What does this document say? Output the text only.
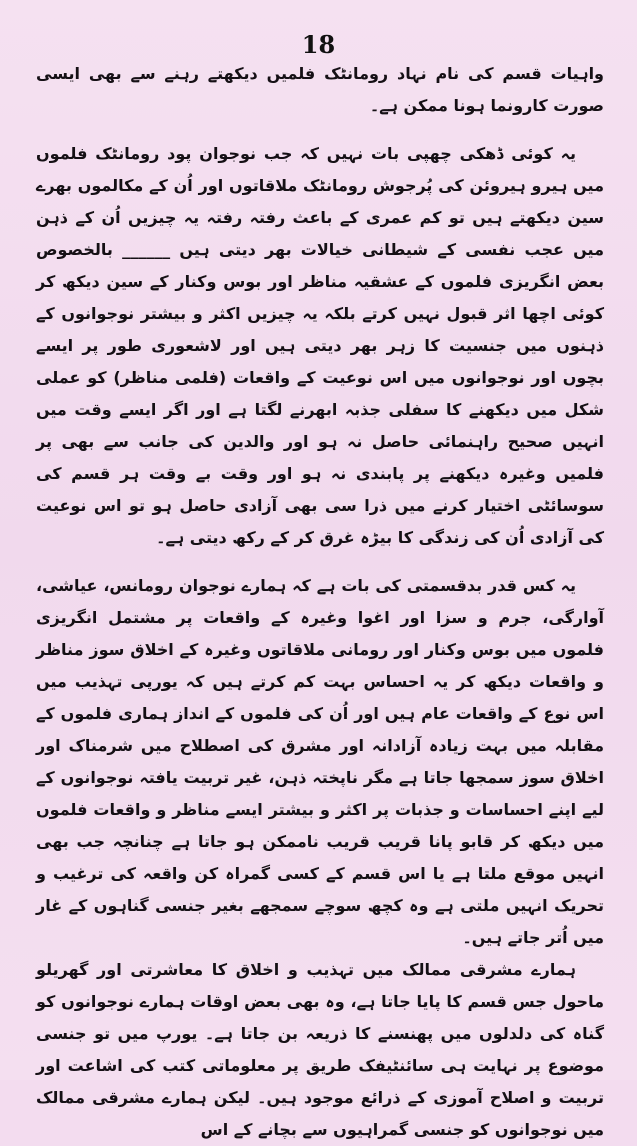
18

واہیات قسم کی نام نہاد رومانٹک فلمیں دیکھتے رہنے سے بھی ایسی صورت کارونما ہونا ممکن ہے۔

یہ کوئی ڈھکی چھپی بات نہیں کہ جب نوجوان پود رومانٹک فلموں میں ہیرو ہیروئن کی پُرجوش رومانٹک ملاقاتوں اور اُن کے مکالموں بھرے سین دیکھتے ہیں تو کم عمری کے باعث رفتہ رفتہ یہ چیزیں اُن کے ذہن میں عجب نفسی کے شیطانی خیالات بھر دیتی ہیں ______ بالخصوص بعض انگریزی فلموں کے عشقیہ مناظر اور بوس وکنار کے سین دیکھ کر کوئی اچھا اثر قبول نہیں کرتے بلکہ یہ چیزیں اکثر و بیشتر نوجوانوں کے ذہنوں میں جنسیت کا زہر بھر دیتی ہیں اور لاشعوری طور پر ایسے بچوں اور نوجوانوں میں اس نوعیت کے واقعات (فلمی مناظر) کو عملی شکل میں دیکھنے کا سفلی جذبہ ابھرنے لگتا ہے اور اگر ایسے وقت میں انہیں صحیح راہنمائی حاصل نہ ہو اور والدین کی جانب سے بھی پر فلمیں وغیرہ دیکھنے پر پابندی نہ ہو اور وقت بے وقت ہر قسم کی سوسائٹی اختیار کرنے میں ذرا سی بھی آزادی حاصل ہو تو اس نوعیت کی آزادی اُن کی زندگی کا بیڑہ غرق کر کے رکھ دیتی ہے۔

یہ کس قدر بدقسمتی کی بات ہے کہ ہمارے نوجوان رومانس، عیاشی، آوارگی، جرم و سزا اور اغوا وغیرہ کے واقعات پر مشتمل انگریزی فلموں میں بوس وکنار اور رومانی ملاقاتوں وغیرہ کے اخلاق سوز مناظر و واقعات دیکھ کر یہ احساس بہت کم کرتے ہیں کہ یورپی تہذیب میں اس نوع کے واقعات عام ہیں اور اُن کی فلموں کے انداز ہماری فلموں کے مقابلہ میں بہت زیادہ آزادانہ اور مشرق کی اصطلاح میں شرمناک اور اخلاق سوز سمجھا جاتا ہے مگر ناپختہ ذہن، غیر تربیت یافتہ نوجوانوں کے لیے اپنے احساسات و جذبات پر اکثر و بیشتر ایسے مناظر و واقعات فلموں میں دیکھ کر قابو پانا قریب قریب ناممکن ہو جاتا ہے چنانچہ جب بھی انہیں موقع ملتا ہے یا اس قسم کے کسی گمراہ کن واقعہ کی ترغیب و تحریک انہیں ملتی ہے وہ کچھ سوچے سمجھے بغیر جنسی گناہوں کے غار میں اُتر جاتے ہیں۔

ہمارے مشرقی ممالک میں تہذیب و اخلاق کا معاشرتی اور گھریلو ماحول جس قسم کا پایا جاتا ہے، وہ بھی بعض اوقات ہمارے نوجوانوں کو گناہ کی دلدلوں میں پھنسنے کا ذریعہ بن جاتا ہے۔ یورپ میں تو جنسی موضوع پر نہایت ہی سائنٹیفک طریق پر معلوماتی کتب کی اشاعت اور تربیت و اصلاح آموزی کے ذرائع موجود ہیں۔ لیکن ہمارے مشرقی ممالک میں نوجوانوں کو جنسی گمراہیوں سے بچانے کے اس
